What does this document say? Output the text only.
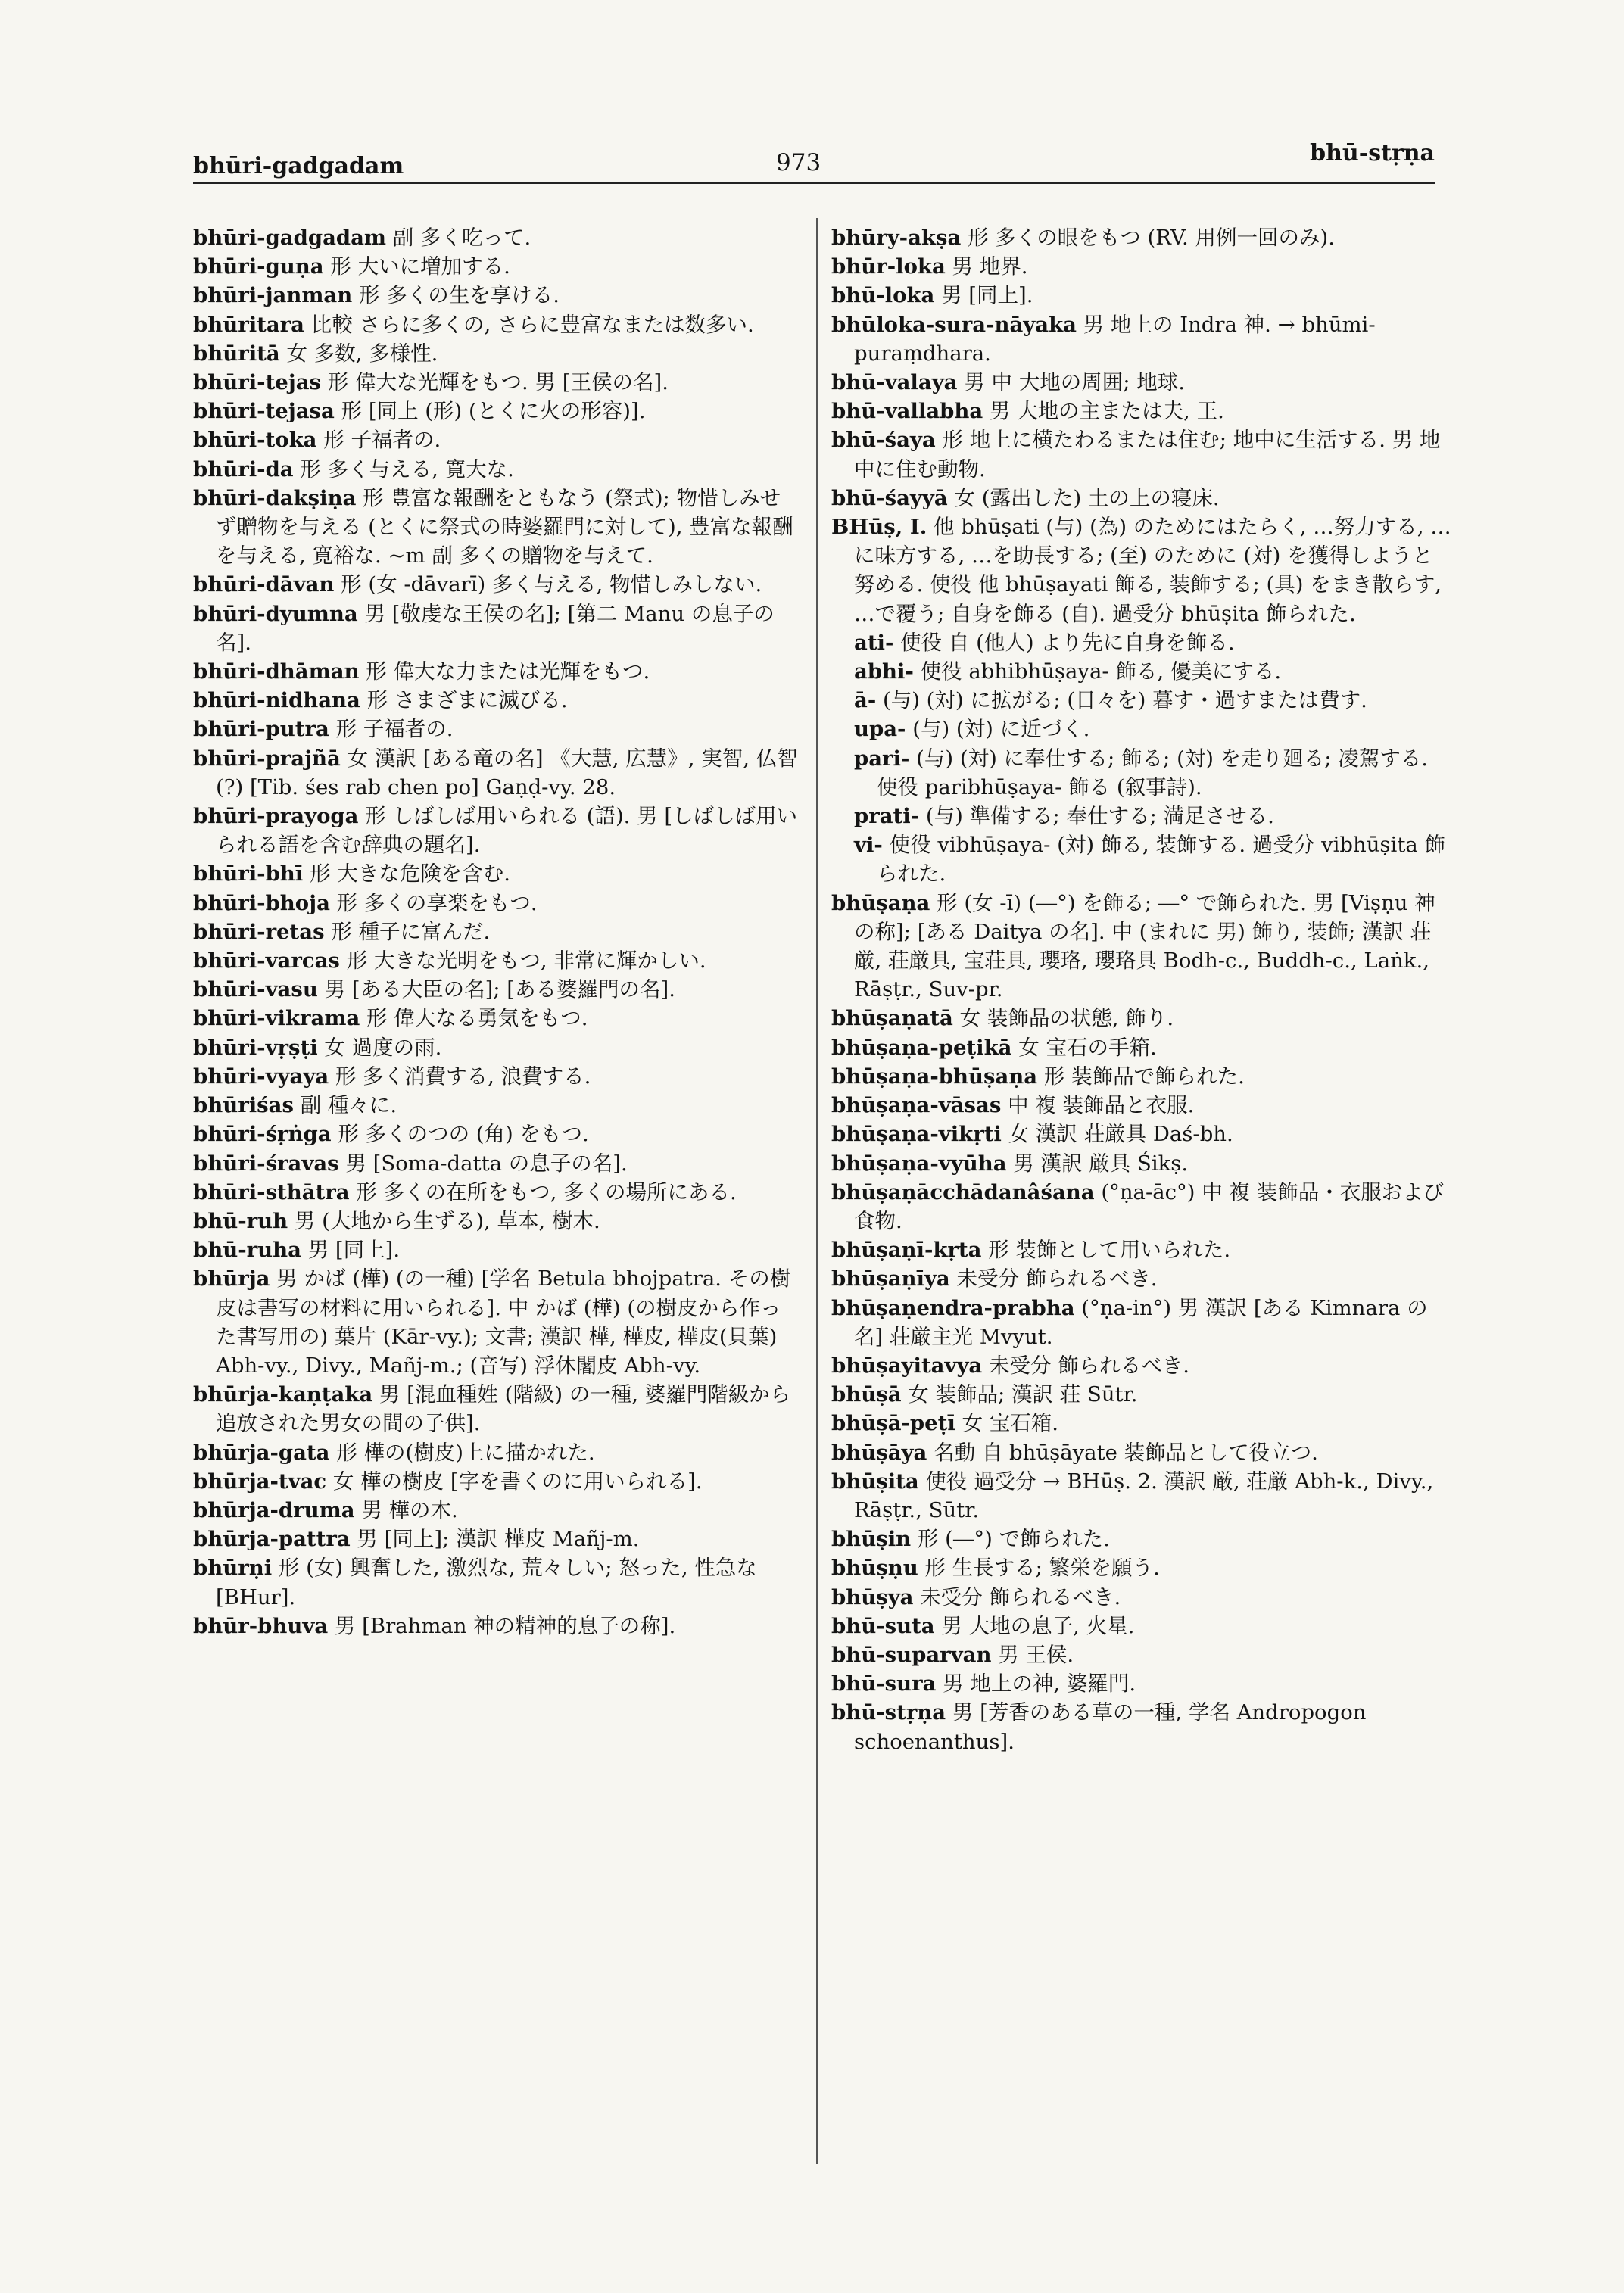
bhūri-gadgadam	973	bhū-stṛṇa

bhūri-gadgadam 副 多く吃って.

bhūri-guṇa 形 大いに増加する.

bhūri-janman 形 多くの生を享ける.

bhūritara 比較 さらに多くの, さらに豊富なまたは数多い.

bhūritā 女 多数, 多様性.

bhūri-tejas 形 偉大な光輝をもつ. 男 [王侯の名].

bhūri-tejasa 形 [同上 (形) (とくに火の形容)].

bhūri-toka 形 子福者の.

bhūri-da 形 多く与える, 寛大な.

bhūri-dakṣiṇa 形 豊富な報酬をともなう (祭式); 物惜しみせず贈物を与える (とくに祭式の時婆羅門に対して), 豊富な報酬を与える, 寛裕な. ~m 副 多くの贈物を与えて.

bhūri-dāvan 形 (女 -dāvarī) 多く与える, 物惜しみしない.

bhūri-dyumna 男 [敬虔な王侯の名]; [第二 Manu の息子の名].

bhūri-dhāman 形 偉大な力または光輝をもつ.

bhūri-nidhana 形 さまざまに滅びる.

bhūri-putra 形 子福者の.

bhūri-prajñā 女 漢訳 [ある竜の名] 《大慧, 広慧》, 実智, 仏智 (?) [Tib. śes rab chen po] Gaṇḍ-vy. 28.

bhūri-prayoga 形 しばしば用いられる (語). 男 [しばしば用いられる語を含む辞典の題名].

bhūri-bhī 形 大きな危険を含む.

bhūri-bhoja 形 多くの享楽をもつ.

bhūri-retas 形 種子に富んだ.

bhūri-varcas 形 大きな光明をもつ, 非常に輝かしい.

bhūri-vasu 男 [ある大臣の名]; [ある婆羅門の名].

bhūri-vikrama 形 偉大なる勇気をもつ.

bhūri-vṛṣṭi 女 過度の雨.

bhūri-vyaya 形 多く消費する, 浪費する.

bhūriśas 副 種々に.

bhūri-śṛṅga 形 多くのつの (角) をもつ.

bhūri-śravas 男 [Soma-datta の息子の名].

bhūri-sthātra 形 多くの在所をもつ, 多くの場所にある.

bhū-ruh 男 (大地から生ずる), 草本, 樹木.

bhū-ruha 男 [同上].

bhūrja 男 かば (樺) (の一種) [学名 Betula bhojpatra. その樹皮は書写の材料に用いられる]. 中 かば (樺) (の樹皮から作った書写用の) 葉片 (Kār-vy.); 文書; 漢訳 樺, 樺皮, 樺皮(貝葉) Abh-vy., Divy., Mañj-m.; (音写) 浮休闍皮 Abh-vy.

bhūrja-kaṇṭaka 男 [混血種姓 (階級) の一種, 婆羅門階級から追放された男女の間の子供].

bhūrja-gata 形 樺の(樹皮)上に描かれた.

bhūrja-tvac 女 樺の樹皮 [字を書くのに用いられる].

bhūrja-druma 男 樺の木.

bhūrja-pattra 男 [同上]; 漢訳 樺皮 Mañj-m.

bhūrṇi 形 (女) 興奮した, 激烈な, 荒々しい; 怒った, 性急な [BHur].

bhūr-bhuva 男 [Brahman 神の精神的息子の称].

bhūry-akṣa 形 多くの眼をもつ (RV. 用例一回のみ).

bhūr-loka 男 地界.

bhū-loka 男 [同上].

bhūloka-sura-nāyaka 男 地上の Indra 神. → bhūmi-puraṃdhara.

bhū-valaya 男 中 大地の周囲; 地球.

bhū-vallabha 男 大地の主または夫, 王.

bhū-śaya 形 地上に横たわるまたは住む; 地中に生活する. 男 地中に住む動物.

bhū-śayyā 女 (露出した) 土の上の寝床.

BHūṣ, I. 他 bhūṣati (与) (為) のためにはたらく, …努力する, …に味方する, …を助長する; (至) のために (対) を獲得しようと努める. 使役 他 bhūṣayati 飾る, 装飾する; (具) をまき散らす, …で覆う; 自身を飾る (自). 過受分 bhūṣita 飾られた.

ati- 使役 自 (他人) より先に自身を飾る.

abhi- 使役 abhibhūṣaya- 飾る, 優美にする.

ā- (与) (対) に拡がる; (日々を) 暮す・過すまたは費す.

upa- (与) (対) に近づく.

pari- (与) (対) に奉仕する; 飾る; (対) を走り廻る; 凌駕する. 使役 paribhūṣaya- 飾る (叙事詩).

prati- (与) 準備する; 奉仕する; 満足させる.

vi- 使役 vibhūṣaya- (対) 飾る, 装飾する. 過受分 vibhūṣita 飾られた.

bhūṣaṇa 形 (女 -ī) (―°) を飾る; ―° で飾られた. 男 [Viṣṇu 神の称]; [ある Daitya の名]. 中 (まれに 男) 飾り, 装飾; 漢訳 荘厳, 荘厳具, 宝荘具, 瓔珞, 瓔珞具 Bodh-c., Buddh-c., Laṅk., Rāṣṭr., Suv-pr.

bhūṣaṇatā 女 装飾品の状態, 飾り.

bhūṣaṇa-peṭikā 女 宝石の手箱.

bhūṣaṇa-bhūṣaṇa 形 装飾品で飾られた.

bhūṣaṇa-vāsas 中 複 装飾品と衣服.

bhūṣaṇa-vikṛti 女 漢訳 荘厳具 Daś-bh.

bhūṣaṇa-vyūha 男 漢訳 厳具 Śikṣ.

bhūṣaṇācchādanâśana (°ṇa-āc°) 中 複 装飾品・衣服および食物.

bhūṣaṇī-kṛta 形 装飾として用いられた.

bhūṣaṇīya 未受分 飾られるべき.

bhūṣaṇendra-prabha (°ṇa-in°) 男 漢訳 [ある Kimnara の名] 荘厳主光 Mvyut.

bhūṣayitavya 未受分 飾られるべき.

bhūṣā 女 装飾品; 漢訳 荘 Sūtr.

bhūṣā-peṭī 女 宝石箱.

bhūṣāya 名動 自 bhūṣāyate 装飾品として役立つ.

bhūṣita 使役 過受分 → BHūṣ. 2. 漢訳 厳, 荘厳 Abh-k., Divy., Rāṣṭr., Sūtr.

bhūṣin 形 (―°) で飾られた.

bhūṣṇu 形 生長する; 繁栄を願う.

bhūṣya 未受分 飾られるべき.

bhū-suta 男 大地の息子, 火星.

bhū-suparvan 男 王侯.

bhū-sura 男 地上の神, 婆羅門.

bhū-stṛṇa 男 [芳香のある草の一種, 学名 Andropogon schoenanthus].
